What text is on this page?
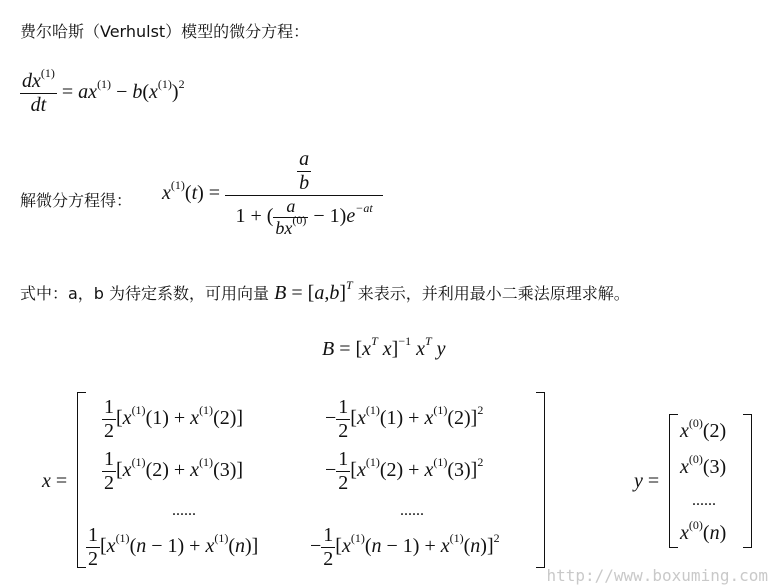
费尔哈斯（Verhulst）模型的微分方程：
$\frac{dx^{(1)}}{dt} = ax^{(1)} - b(x^{(1)})^2$
解微分方程得： $x^{(1)}(t) = \frac{\frac{a}{b}}{1 + ( \frac{a}{bx^{(0)}} - 1)e^{-at}}$
式中：a，b 为待定系数，可用向量 $B = [a,b]^T$ 来表示，并利用最小二乘法原理求解。
$B = [x^T$ x]$^{-1}$ $x^T$ y
x =
$\frac{1}{2} [x^{(1)}(1) + x^{(1)}(2)]$	− $\frac{1}{2} [x^{(1)}(1) + x^{(1)}(2)]^2$
$\frac{1}{2} [x^{(1)}(2) + x^{(1)}(3)]$	− $\frac{1}{2} [x^{(1)}(2) + x^{(1)}(3)]^2$
......	......
$\frac{1}{2} [x^{(1)}(n - 1) + x^{(1)}(n)]$	− $\frac{1}{2} [x^{(1)}(n - 1) + x^{(1)}(n)]^2$
y =
$x^{(0)}(2)$
$x^{(0)}(3)$
......
$x^{(0)}(n)$
http://www.boxuming.com
